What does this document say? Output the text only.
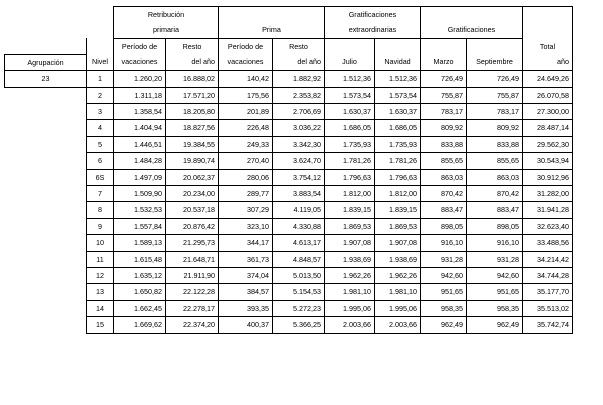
		Retribución				Gratificaciones				
		primaria		Prima		extraordinarias		Gratificaciones		
		Período de	Resto	Período de	Resto					Total
Agrupación	Nivel	vacaciones	del año	vacaciones	del año	Julio	Navidad	Marzo	Septiembre	año
23	1	1.260,20	16.888,02	140,42	1.882,92	1.512,36	1.512,36	726,49	726,49	24.649,26
	2	1.311,18	17.571,20	175,56	2.353,82	1.573,54	1.573,54	755,87	755,87	26.070,58
	3	1.358,54	18.205,80	201,89	2.706,69	1.630,37	1.630,37	783,17	783,17	27.300,00
	4	1.404,94	18.827,56	226,48	3.036,22	1.686,05	1.686,05	809,92	809,92	28.487,14
	5	1.446,51	19.384,55	249,33	3.342,30	1.735,93	1.735,93	833,88	833,88	29.562,30
	6	1.484,28	19.890,74	270,40	3.624,70	1.781,26	1.781,26	855,65	855,65	30.543,94
	6S	1.497,09	20.062,37	280,06	3.754,12	1.796,63	1.796,63	863,03	863,03	30.912,96
	7	1.509,90	20.234,00	289,77	3.883,54	1.812,00	1.812,00	870,42	870,42	31.282,00
	8	1.532,53	20.537,18	307,29	4.119,05	1.839,15	1.839,15	883,47	883,47	31.941,28
	9	1.557,84	20.876,42	323,10	4.330,88	1.869,53	1.869,53	898,05	898,05	32.623,40
	10	1.589,13	21.295,73	344,17	4.613,17	1.907,08	1.907,08	916,10	916,10	33.488,56
	11	1.615,48	21.648,71	361,73	4.848,57	1.938,69	1.938,69	931,28	931,28	34.214,42
	12	1.635,12	21.911,90	374,04	5.013,50	1.962,26	1.962,26	942,60	942,60	34.744,28
	13	1.650,82	22.122,28	384,57	5.154,53	1.981,10	1.981,10	951,65	951,65	35.177,70
	14	1.662,45	22.278,17	393,35	5.272,23	1.995,06	1.995,06	958,35	958,35	35.513,02
	15	1.669,62	22.374,20	400,37	5.366,25	2.003,66	2.003,66	962,49	962,49	35.742,74
